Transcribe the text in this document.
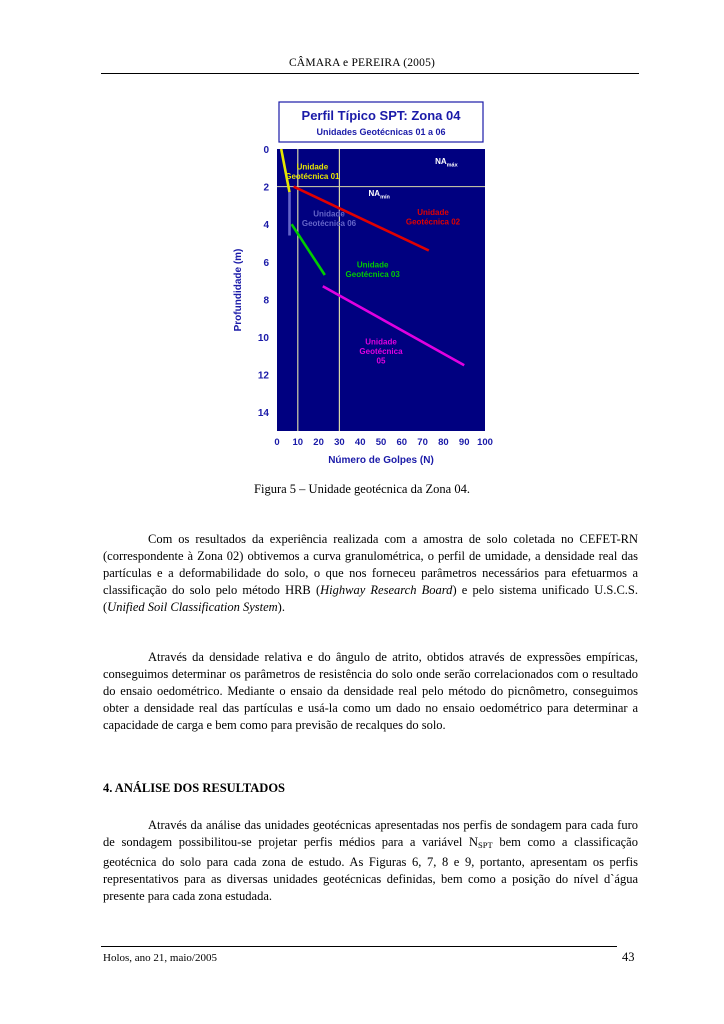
CÂMARA e PEREIRA (2005)
Perfil Típico SPT: Zona 04
Unidades Geotécnicas 01 a 06
Unidade Geotécnica 01
Unidade Geotécnica 02
Unidade Geotécnica 06
Unidade Geotécnica 03
Unidade Geotécnica 05
$NA_{máx}$
$NA_{mín}$
0
2
4
6
8
10
12
14
0 10 20 30 40 50 60 70 80 90 100
Número de Golpes (N)
Profundidade (m)
Figura 5 – Unidade geotécnica da Zona 04.

Com os resultados da experiência realizada com a amostra de solo coletada no CEFET-RN (correspondente à Zona 02) obtivemos a curva granulométrica, o perfil de umidade, a densidade real das partículas e a deformabilidade do solo, o que nos forneceu parâmetros necessários para efetuarmos a classificação do solo pelo método HRB (Highway Research Board) e pelo sistema unificado U.S.C.S. (Unified Soil Classification System).

Através da densidade relativa e do ângulo de atrito, obtidos através de expressões empíricas, conseguimos determinar os parâmetros de resistência do solo onde serão correlacionados com o resultado do ensaio oedométrico. Mediante o ensaio da densidade real pelo método do picnômetro, conseguimos obter a densidade real das partículas e usá-la como um dado no ensaio oedométrico para determinar a capacidade de carga e bem como para previsão de recalques do solo.

4. ANÁLISE DOS RESULTADOS

Através da análise das unidades geotécnicas apresentadas nos perfis de sondagem para cada furo de sondagem possibilitou-se projetar perfis médios para a variável $N_{SPT}$ bem como a classificação geotécnica do solo para cada zona de estudo. As Figuras 6, 7, 8 e 9, portanto, apresentam os perfis representativos para as diversas unidades geotécnicas definidas, bem como a posição do nível d`água presente para cada zona estudada.

Holos, ano 21, maio/2005	43
